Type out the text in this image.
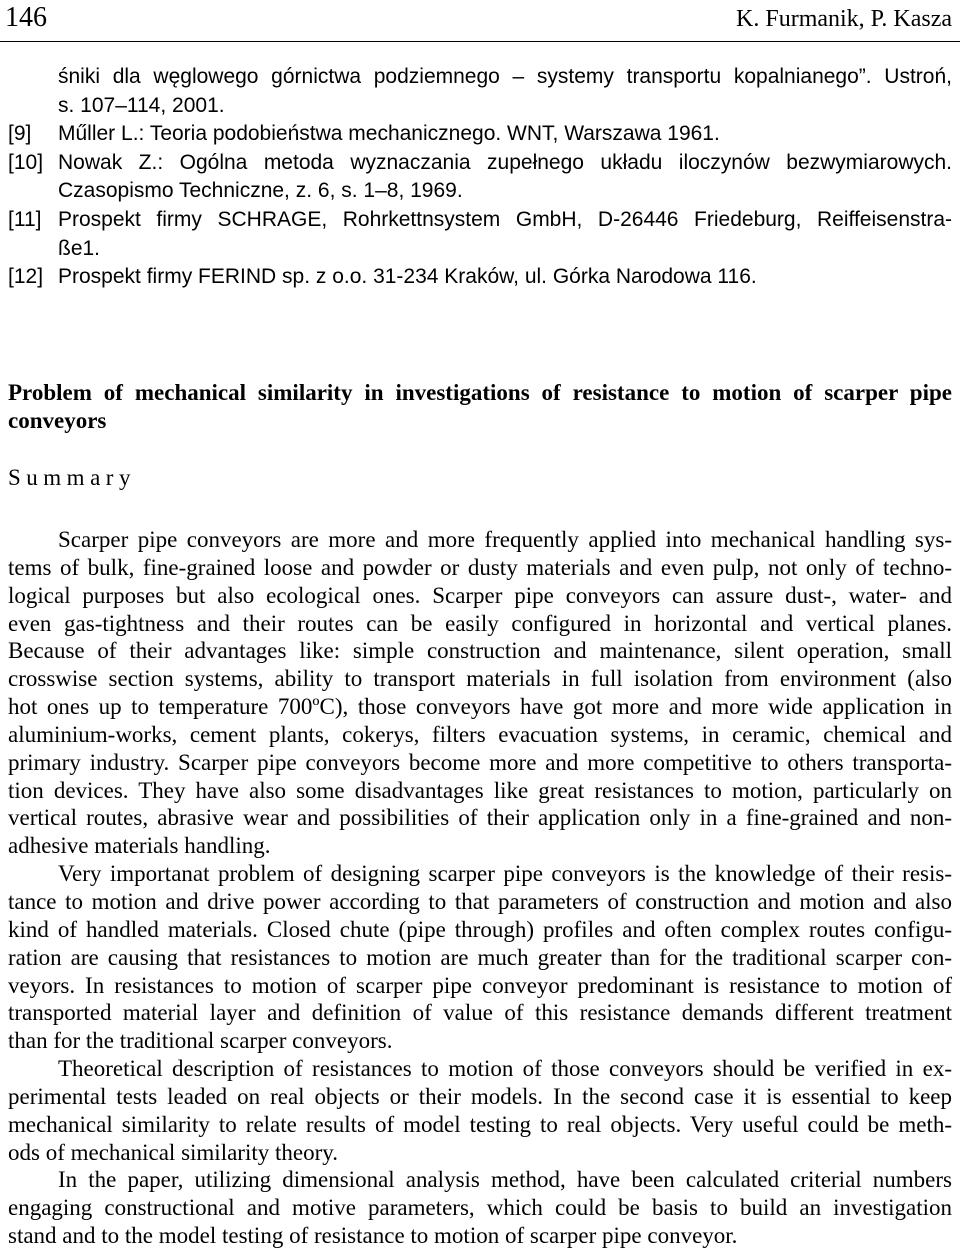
146	K. Furmanik, P. Kasza
śniki dla węglowego górnictwa podziemnego – systemy transportu kopalnianego”. Ustroń,
s. 107–114, 2001.
[9] Műller L.: Teoria podobieństwa mechanicznego. WNT, Warszawa 1961.
[10] Nowak Z.: Ogólna metoda wyznaczania zupełnego układu iloczynów bezwymiarowych.
Czasopismo Techniczne, z. 6, s. 1–8, 1969.
[11] Prospekt firmy SCHRAGE, Rohrkettnsystem GmbH, D-26446 Friedeburg, Reiffeisenstra-
ße1.
[12] Prospekt firmy FERIND sp. z o.o. 31-234 Kraków, ul. Górka Narodowa 116.
Problem of mechanical similarity in investigations of resistance to motion of scarper pipe
conveyors
Summary
Scarper pipe conveyors are more and more frequently applied into mechanical handling sys-
tems of bulk, fine-grained loose and powder or dusty materials and even pulp, not only of techno-
logical purposes but also ecological ones. Scarper pipe conveyors can assure dust-, water- and
even gas-tightness and their routes can be easily configured in horizontal and vertical planes.
Because of their advantages like: simple construction and maintenance, silent operation, small
crosswise section systems, ability to transport materials in full isolation from environment (also
hot ones up to temperature 700ºC), those conveyors have got more and more wide application in
aluminium-works, cement plants, cokerys, filters evacuation systems, in ceramic, chemical and
primary industry. Scarper pipe conveyors become more and more competitive to others transporta-
tion devices. They have also some disadvantages like great resistances to motion, particularly on
vertical routes, abrasive wear and possibilities of their application only in a fine-grained and non-
adhesive materials handling.
Very importanat problem of designing scarper pipe conveyors is the knowledge of their resis-
tance to motion and drive power according to that parameters of construction and motion and also
kind of handled materials. Closed chute (pipe through) profiles and often complex routes configu-
ration are causing that resistances to motion are much greater than for the traditional scarper con-
veyors. In resistances to motion of scarper pipe conveyor predominant is resistance to motion of
transported material layer and definition of value of this resistance demands different treatment
than for the traditional scarper conveyors.
Theoretical description of resistances to motion of those conveyors should be verified in ex-
perimental tests leaded on real objects or their models. In the second case it is essential to keep
mechanical similarity to relate results of model testing to real objects. Very useful could be meth-
ods of mechanical similarity theory.
In the paper, utilizing dimensional analysis method, have been calculated criterial numbers
engaging constructional and motive parameters, which could be basis to build an investigation
stand and to the model testing of resistance to motion of scarper pipe conveyor.
